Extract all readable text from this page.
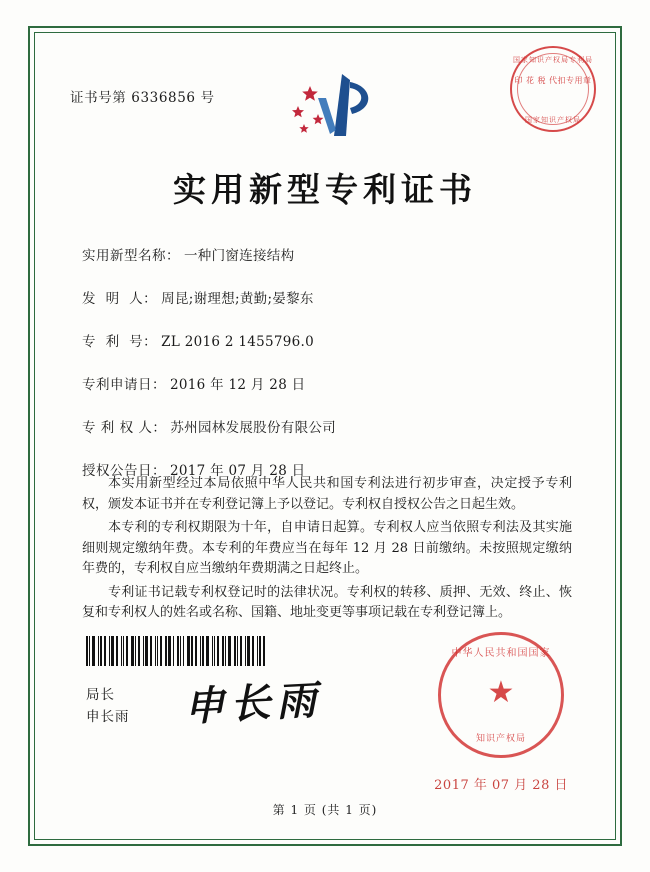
证书号第 6336856 号
国家知识产权局专利局
印 花 税 代扣专用章
国家知识产权局
实用新型专利证书
实用新型名称： 一种门窗连接结构
发  明  人： 周昆;谢理想;黄勤;晏黎东
专  利  号： ZL 2016 2 1455796.0
专利申请日： 2016 年 12 月 28 日
专 利 权 人： 苏州园林发展股份有限公司
授权公告日： 2017 年 07 月 28 日

本实用新型经过本局依照中华人民共和国专利法进行初步审查，决定授予专利权，颁发本证书并在专利登记簿上予以登记。专利权自授权公告之日起生效。

本专利的专利权期限为十年，自申请日起算。专利权人应当依照专利法及其实施细则规定缴纳年费。本专利的年费应当在每年 12 月 28 日前缴纳。未按照规定缴纳年费的，专利权自应当缴纳年费期满之日起终止。

专利证书记载专利权登记时的法律状况。专利权的转移、质押、无效、终止、恢复和专利权人的姓名或名称、国籍、地址变更等事项记载在专利登记簿上。

局长
申长雨 申长雨	★
中华人民共和国国家
知识产权局
2017 年 07 月 28 日
第 1 页 (共 1 页)
